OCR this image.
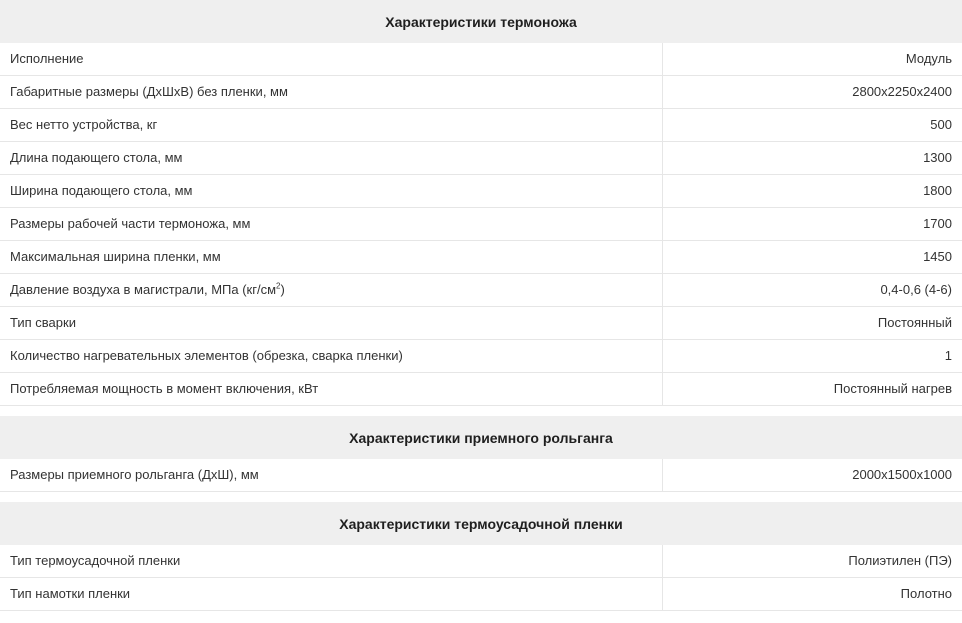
Характеристики термоножа
Исполнение	Модуль
Габаритные размеры (ДхШхВ) без пленки, мм	2800x2250x2400
Вес нетто устройства, кг	500
Длина подающего стола, мм	1300
Ширина подающего стола, мм	1800
Размеры рабочей части термоножа, мм	1700
Максимальная ширина пленки, мм	1450
Давление воздуха в магистрали, МПа $(кг/см^2)$	0,4-0,6 (4-6)
Тип сварки	Постоянный
Количество нагревательных элементов (обрезка, сварка пленки)	1
Потребляемая мощность в момент включения, кВт	Постоянный нагрев
Характеристики приемного рольганга
Размеры приемного рольганга (ДхШ), мм	2000x1500x1000
Характеристики термоусадочной пленки
Тип термоусадочной пленки	Полиэтилен (ПЭ)
Тип намотки пленки	Полотно
